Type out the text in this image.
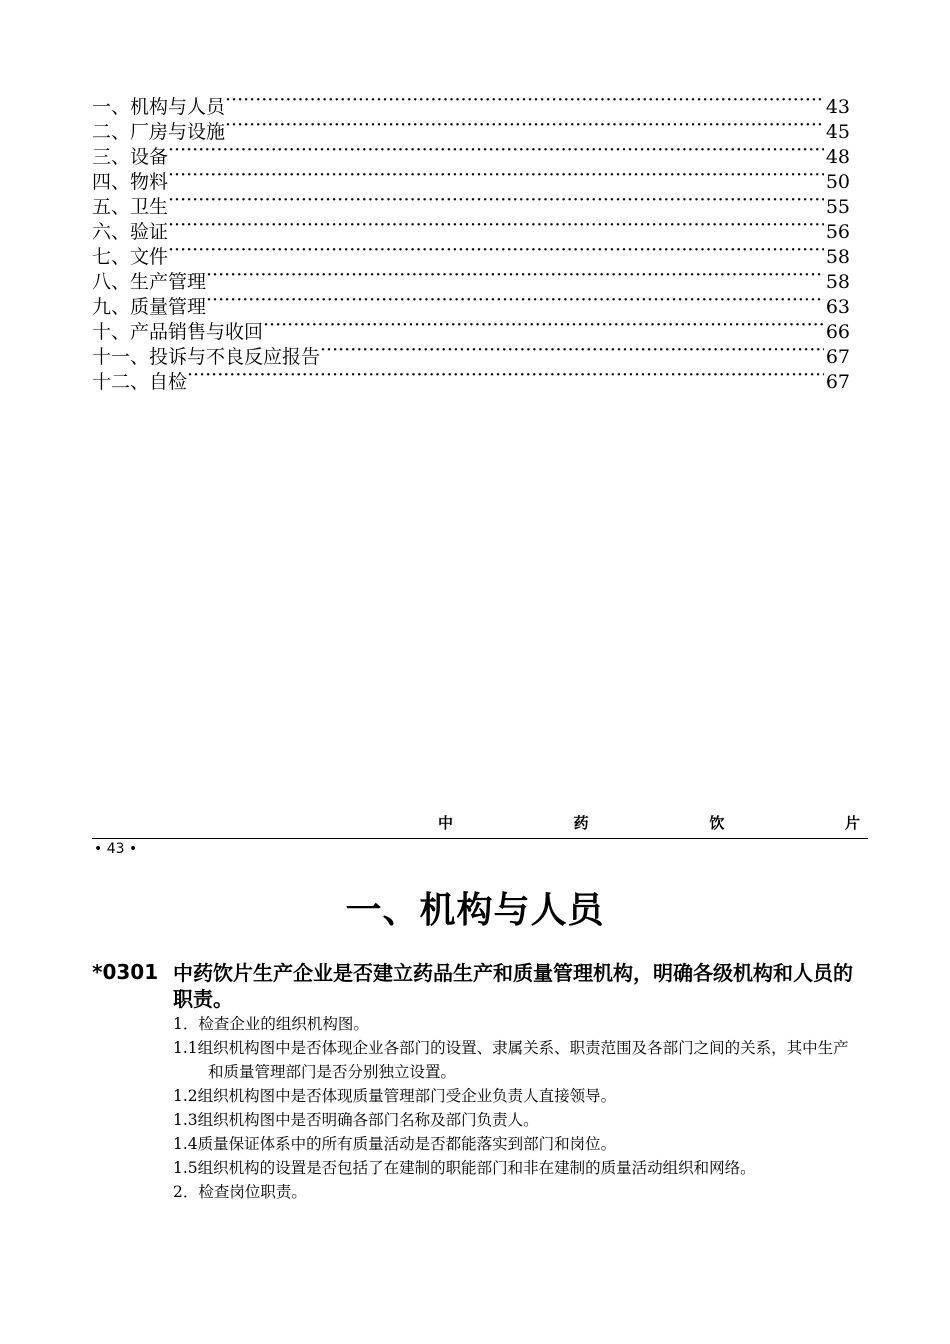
一、机构与人员 ·····	43
二、厂房与设施 ·····	45
三、设备 ·····	48
四、物料 ·····	50
五、卫生 ·····	55
六、验证 ·····	56
七、文件 ·····	58
八、生产管理 ·····	58
九、质量管理 ·····	63
十、产品销售与收回 ·····	66
十一、投诉与不良反应报告 ·····	67
十二、自检 ·····	67
中	药	饮	片
• 43 •
一、机构与人员
*0301 中药饮片生产企业是否建立药品生产和质量管理机构，明确各级机构和人员的职责。
1．检查企业的组织机构图。
1.1组织机构图中是否体现企业各部门的设置、隶属关系、职责范围及各部门之间的关系，其中生产和质量管理部门是否分别独立设置。
1.2组织机构图中是否体现质量管理部门受企业负责人直接领导。
1.3组织机构图中是否明确各部门名称及部门负责人。
1.4质量保证体系中的所有质量活动是否都能落实到部门和岗位。
1.5组织机构的设置是否包括了在建制的职能部门和非在建制的质量活动组织和网络。
2．检查岗位职责。
